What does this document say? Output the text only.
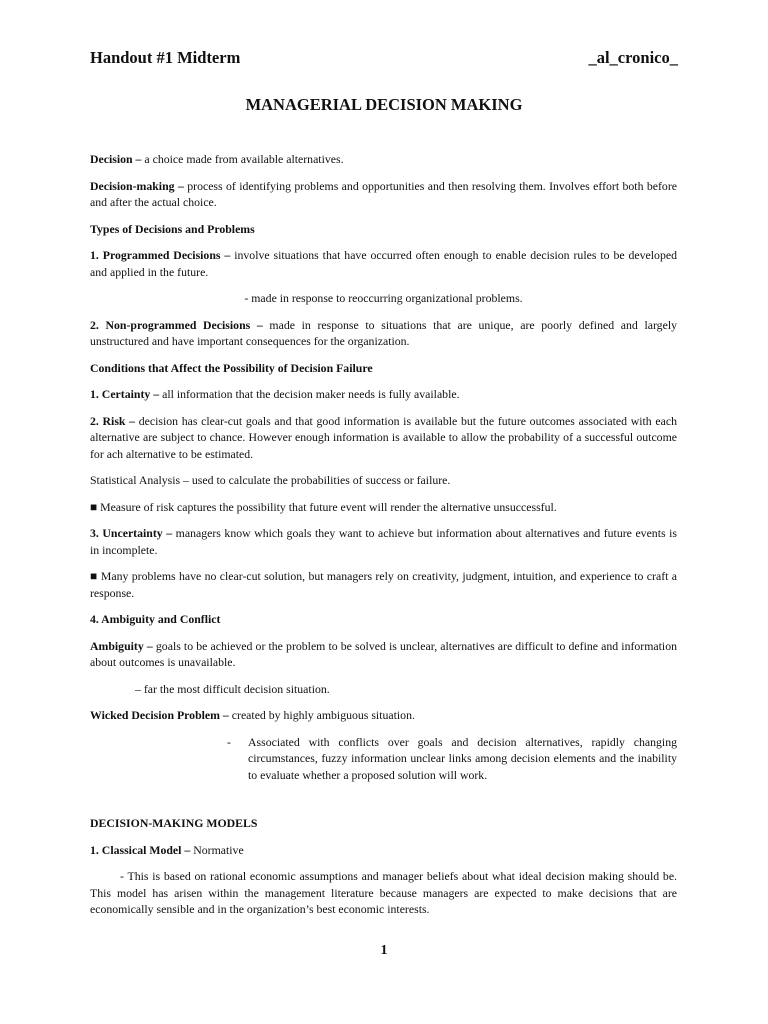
Handout #1 Midterm	_al_cronico_
MANAGERIAL DECISION MAKING

Decision – a choice made from available alternatives.

Decision-making – process of identifying problems and opportunities and then resolving them. Involves effort both before and after the actual choice.

Types of Decisions and Problems

1. Programmed Decisions – involve situations that have occurred often enough to enable decision rules to be developed and applied in the future.

- made in response to reoccurring organizational problems.

2. Non-programmed Decisions – made in response to situations that are unique, are poorly defined and largely unstructured and have important consequences for the organization.

Conditions that Affect the Possibility of Decision Failure

1. Certainty – all information that the decision maker needs is fully available.

2. Risk – decision has clear-cut goals and that good information is available but the future outcomes associated with each alternative are subject to chance. However enough information is available to allow the probability of a successful outcome for ach alternative to be estimated.

Statistical Analysis – used to calculate the probabilities of success or failure.

■ Measure of risk captures the possibility that future event will render the alternative unsuccessful.

3. Uncertainty – managers know which goals they want to achieve but information about alternatives and future events is in incomplete.

■ Many problems have no clear-cut solution, but managers rely on creativity, judgment, intuition, and experience to craft a response.

4. Ambiguity and Conflict

Ambiguity – goals to be achieved or the problem to be solved is unclear, alternatives are difficult to define and information about outcomes is unavailable.

– far the most difficult decision situation.

Wicked Decision Problem – created by highly ambiguous situation.

- Associated with conflicts over goals and decision alternatives, rapidly changing circumstances, fuzzy information unclear links among decision elements and the inability to evaluate whether a proposed solution will work.

DECISION-MAKING MODELS

1. Classical Model – Normative

- This is based on rational economic assumptions and manager beliefs about what ideal decision making should be. This model has arisen within the management literature because managers are expected to make decisions that are economically sensible and in the organization’s best economic interests.

1
